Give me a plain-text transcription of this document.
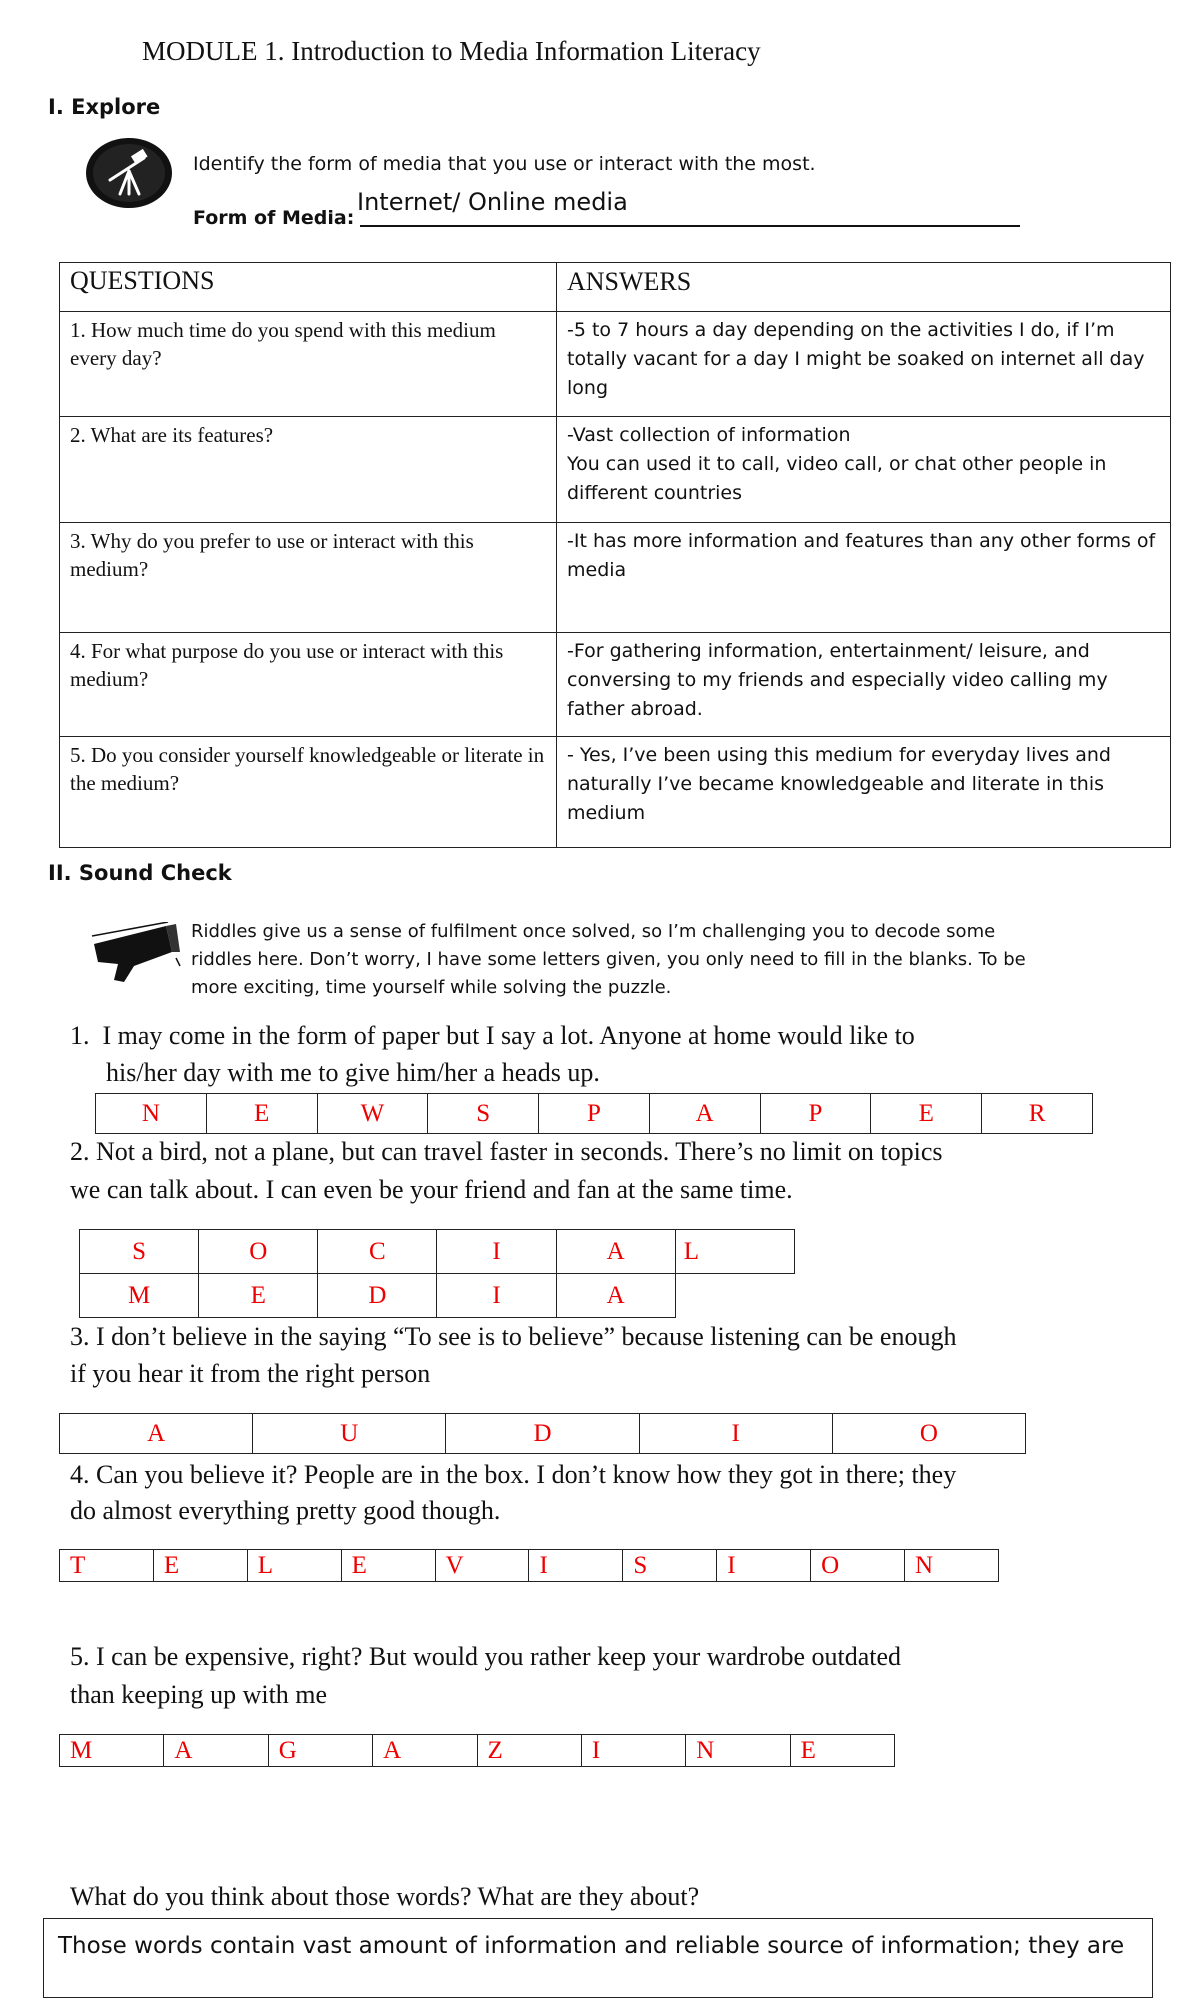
MODULE 1. Introduction to Media Information Literacy
I. Explore
Identify the form of media that you use or interact with the most.
Internet/ Online media
Form of Media:
QUESTIONS	ANSWERS
1. How much time do you spend with this medium every day?	-5 to 7 hours a day depending on the activities I do, if I’m totally vacant for a day I might be soaked on internet all day long
2. What are its features?	-Vast collection of information
You can used it to call, video call, or chat other people in different countries
3. Why do you prefer to use or interact with this medium?	-It has more information and features than any other forms of media
4. For what purpose do you use or interact with this medium?	-For gathering information, entertainment/ leisure, and conversing to my friends and especially video calling my father abroad.
5. Do you consider yourself knowledgeable or literate in the medium?	- Yes, I’ve been using this medium for everyday lives and naturally I’ve became knowledgeable and literate in this medium
II. Sound Check
Riddles give us a sense of fulfilment once solved, so I’m challenging you to decode some riddles here. Don’t worry, I have some letters given, you only need to fill in the blanks. To be more exciting, time yourself while solving the puzzle.
1. I may come in the form of paper but I say a lot. Anyone at home would like to
his/her day with me to give him/her a heads up.
N	E	W	S	P	A	P	E	R
2. Not a bird, not a plane, but can travel faster in seconds. There’s no limit on topics
we can talk about. I can even be your friend and fan at the same time.
S	O	C	I	A	L
M	E	D	I	A	
3. I don’t believe in the saying “To see is to believe” because listening can be enough
if you hear it from the right person
A	U	D	I	O
4. Can you believe it? People are in the box. I don’t know how they got in there; they
do almost everything pretty good though.
T	E	L	E	V	I	S	I	O	N
5. I can be expensive, right? But would you rather keep your wardrobe outdated
than keeping up with me
M	A	G	A	Z	I	N	E
What do you think about those words? What are they about?
Those words contain vast amount of information and reliable source of information; they are
